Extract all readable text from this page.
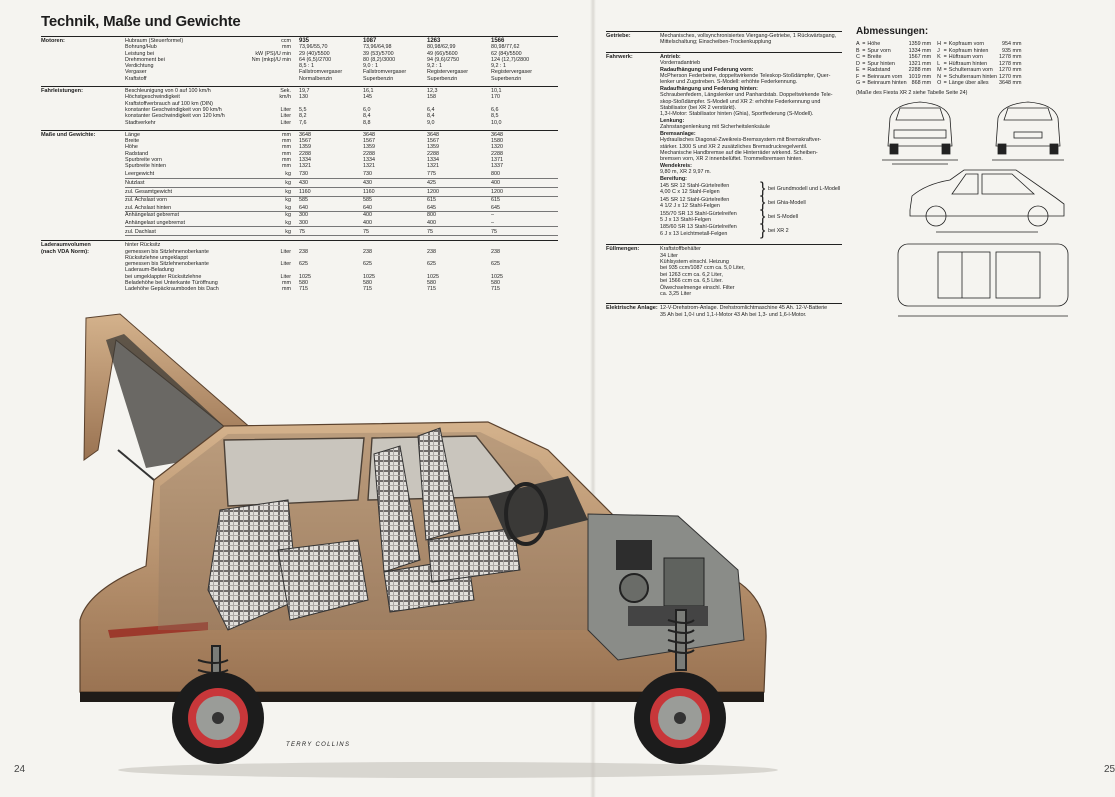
Technik, Maße und Gewichte
Motoren:	Hubraum (Steuerformel)	ccm	935	1087	1263	1566
Bohrung/Hub	mm	73,96/55,70	73,96/64,98	80,98/62,99	80,98/77,62
Leistung bei	kW (PS)/U min	29 (40)/5500	39 (53)/5700	49 (66)/5600	62 (84)/5500
Drehmoment bei	Nm (mkp)/U min	64 (6,5)/2700	80 (8,2)/3000	94 (9,6)/2750	124 (12,7)/2800
Verdichtung	8,5 : 1	9,0 : 1	9,2 : 1	9,2 : 1
Vergaser	Fallstromvergaser	Fallstromvergaser	Registervergaser	Registervergaser
Kraftstoff	Normalbenzin	Superbenzin	Superbenzin	Superbenzin
Fahrleistungen:	Beschleunigung von 0 auf 100 km/h	Sek.	19,7	16,1	12,3	10,1
Höchstgeschwindigkeit	km/h	130	145	158	170
Kraftstoffverbrauch auf 100 km (DIN)
konstanter Geschwindigkeit von 90 km/h	Liter	5,5	6,0	6,4	6,6
konstanter Geschwindigkeit von 120 km/h	Liter	8,2	8,4	8,4	8,5
Stadtverkehr	Liter	7,6	8,8	9,0	10,0
Maße und Gewichte:	Länge	mm	3648	3648	3648	3648
Breite	mm	1567	1567	1567	1580
Höhe	mm	1359	1359	1359	1320
Radstand	mm	2288	2288	2288	2288
Spurbreite vorn	mm	1334	1334	1334	1371
Spurbreite hinten	mm	1321	1321	1321	1337
Leergewicht	kg	730	730	775	800
Nutzlast	kg	430	430	425	400
zul. Gesamtgewicht	kg	1160	1160	1200	1200
zul. Achslast vorn	kg	585	585	615	615
zul. Achslast hinten	kg	640	640	645	645
Anhängelast gebremst	kg	300	400	800	–
Anhängelast ungebremst	kg	300	400	400	–
zul. Dachlast	kg	75	75	75	75
Laderaumvolumen
(nach VDA Norm):
hinter Rücksitz
gemessen bis Sitzlehnenoberkante	Liter	238	238	238	238
Rücksitzlehne umgeklappt
gemessen bis Sitzlehnenoberkante	Liter	625	625	625	625
Laderaum-Beladung
bei umgeklappter Rücksitzlehne	Liter	1025	1025	1025	1025
Beladehöhe bei Unterkante Türöffnung	mm	580	580	580	580
Ladehöhe Gepäckraumboden bis Dach	mm	715	715	715	715
Getriebe:	Mechanisches, vollsynchronisiertes Viergang-Getriebe, 1 Rückwärtsgang,
Mittelschaltung; Einscheiben-Trockenkupplung
Fahrwerk:	Antrieb:
Vorderradantrieb
Radaufhängung und Federung vorn:
McPherson Federbeine, doppeltwirkende Teleskop-Stoßdämpfer, Quer-
lenker und Zugstreben. S-Modell: erhöhte Federkennung.
Radaufhängung und Federung hinten:
Schraubenfedern, Längslenker und Panhardstab. Doppeltwirkende Tele-
skop-Stoßdämpfer. S-Modell und XR 2: erhöhte Federkennung und
Stabilisator (bei XR 2 verstärkt).
1,3-l-Motor: Stabilisator hinten (Ghia), Sportfederung (S-Modell).
Lenkung:
Zahnstangenlenkung mit Sicherheitslenksäule
Bremsanlage:
Hydraulisches Diagonal-Zweikreis-Bremssystem mit Bremskraftver-
stärker. 1300 S und XR 2 zusätzliches Bremsdruckregelventil.
Mechanische Handbremse auf die Hinterräder wirkend. Scheiben-
bremsen vorn, XR 2 innenbelüftet. Trommelbremsen hinten.
Wendekreis:
9,80 m, XR 2 9,97 m.
Bereifung:
145 SR 12 Stahl-Gürtelreifen
4,00 C x 12 Stahl-Felgen	} bei Grundmodell und L-Modell
145 SR 12 Stahl-Gürtelreifen
4 1/2 J x 12 Stahl-Felgen	} bei Ghia-Modell
155/70 SR 13 Stahl-Gürtelreifen
5 J x 13 Stahl-Felgen	} bei S-Modell
185/60 SR 13 Stahl-Gürtelreifen
6 J x 13 Leichtmetall-Felgen	} bei XR 2
Füllmengen:	Kraftstoffbehälter
34 Liter
Kühlsystem einschl. Heizung
bei 935 ccm/1087 ccm ca. 5,0 Liter,
bei 1263 ccm ca. 6,2 Liter,
bei 1566 ccm ca. 6,5 Liter.
Ölwechselmenge einschl. Filter
ca. 3,25 Liter
Elektrische Anlage: 12-V-Drehstrom-Anlage. Drehstromlichtmaschine 45 Ah. 12-V-Batterie
35 Ah bei 1,0-l und 1,1-l-Motor 43 Ah bei 1,3- und 1,6-l-Motor.
Abmessungen:
A	=	Höhe	1359 mm	H	=	Kopfraum vorn	954 mm
B	=	Spur vorn	1334 mm	J	=	Kopfraum hinten	935 mm
C	=	Breite	1567 mm	K	=	Hüftraum vorn	1278 mm
D	=	Spur hinten	1321 mm	L	=	Hüftraum hinten	1278 mm
E	=	Radstand	2288 mm	M	=	Schulterraum vorn	1270 mm
F	=	Beinraum vorn	1019 mm	N	=	Schulterraum hinten	1270 mm
G	=	Beinraum hinten	868 mm	O	=	Länge über alles	3648 mm
(Maße des Fiesta XR 2 siehe Tabelle Seite 24)
TERRY COLLINS
24	25
